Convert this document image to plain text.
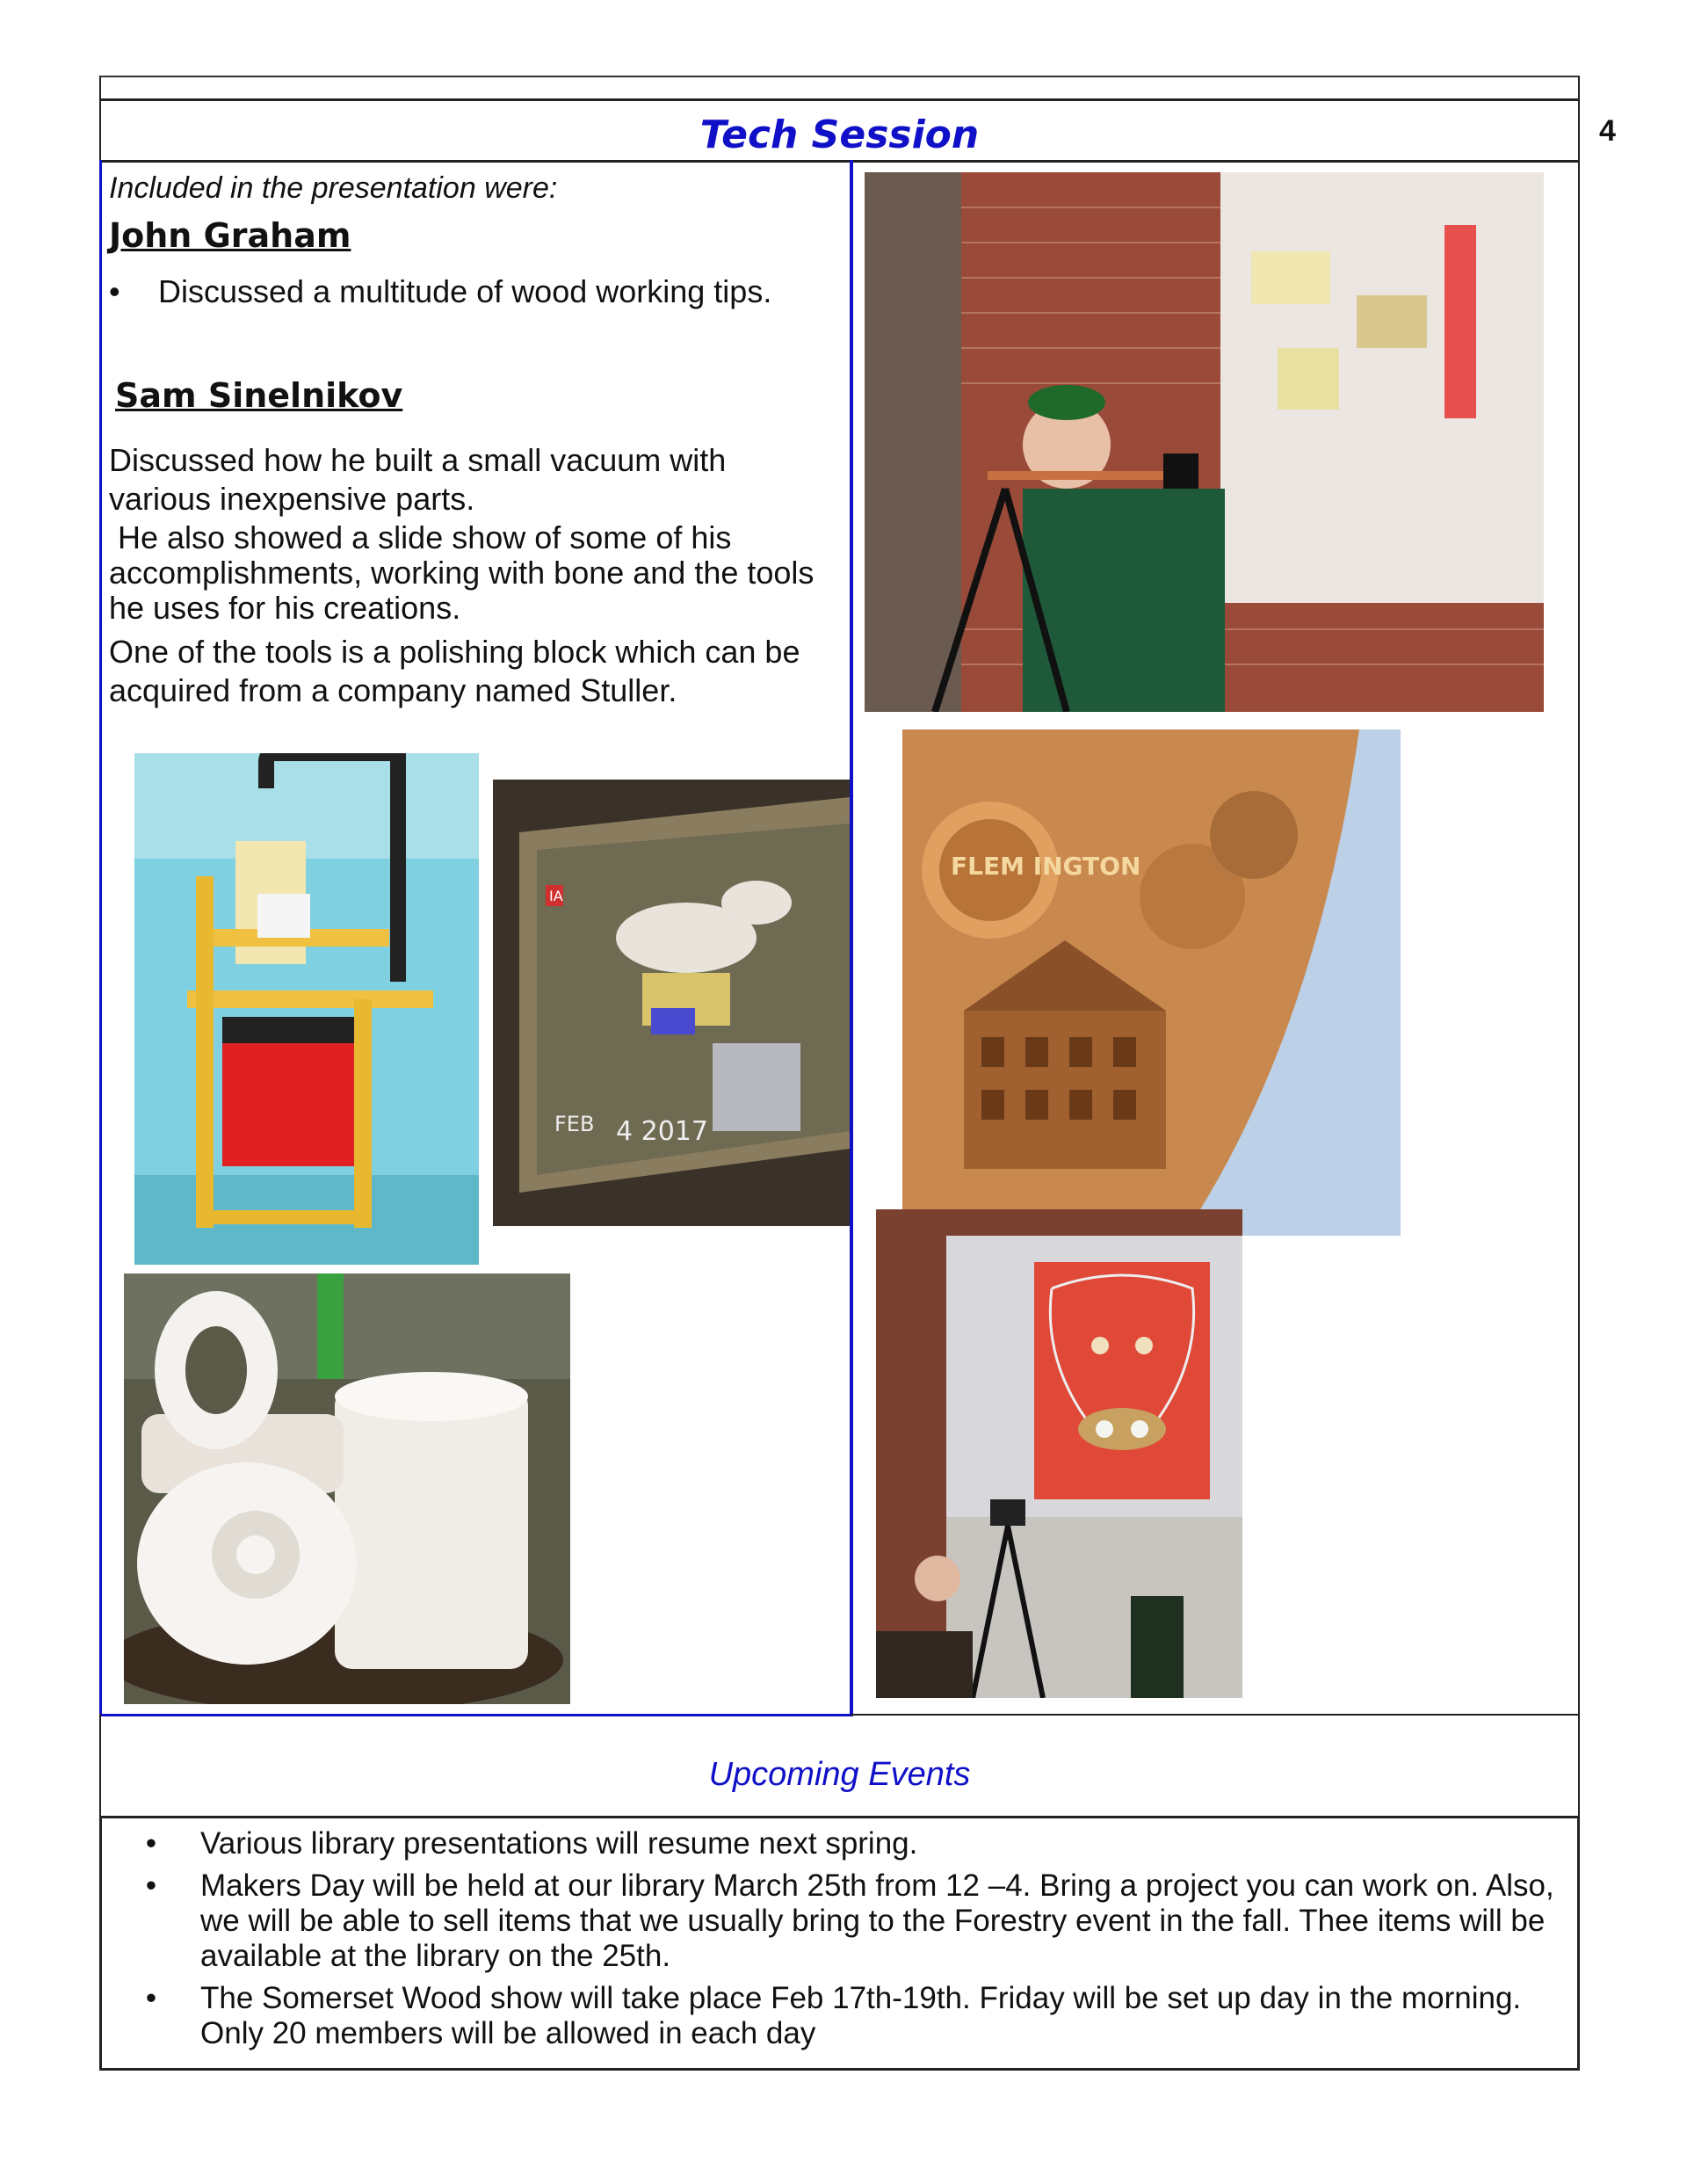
4
Tech Session
Included in the presentation were:
John Graham
•	Discussed a multitude of wood working tips.
Sam Sinelnikov
Discussed how he built a small vacuum with various inexpensive parts.
He also showed a slide show of some of his accomplishments, working with bone and the tools he uses for his creations.
One of the tools is a polishing block which can be acquired from a company named Stuller.
IA
FEB 4 2017
FLEM INGTON
Upcoming Events
•	Various library presentations will resume next spring.
•	Makers Day will be held at our library March 25th from 12 –4. Bring a project you can work on. Also, we will be able to sell items that we usually bring to the Forestry event in the fall. Thee items will be available at the library on the 25th.
•	The Somerset Wood show will take place Feb 17th-19th. Friday will be set up day in the morning. Only 20 members will be allowed in each day
